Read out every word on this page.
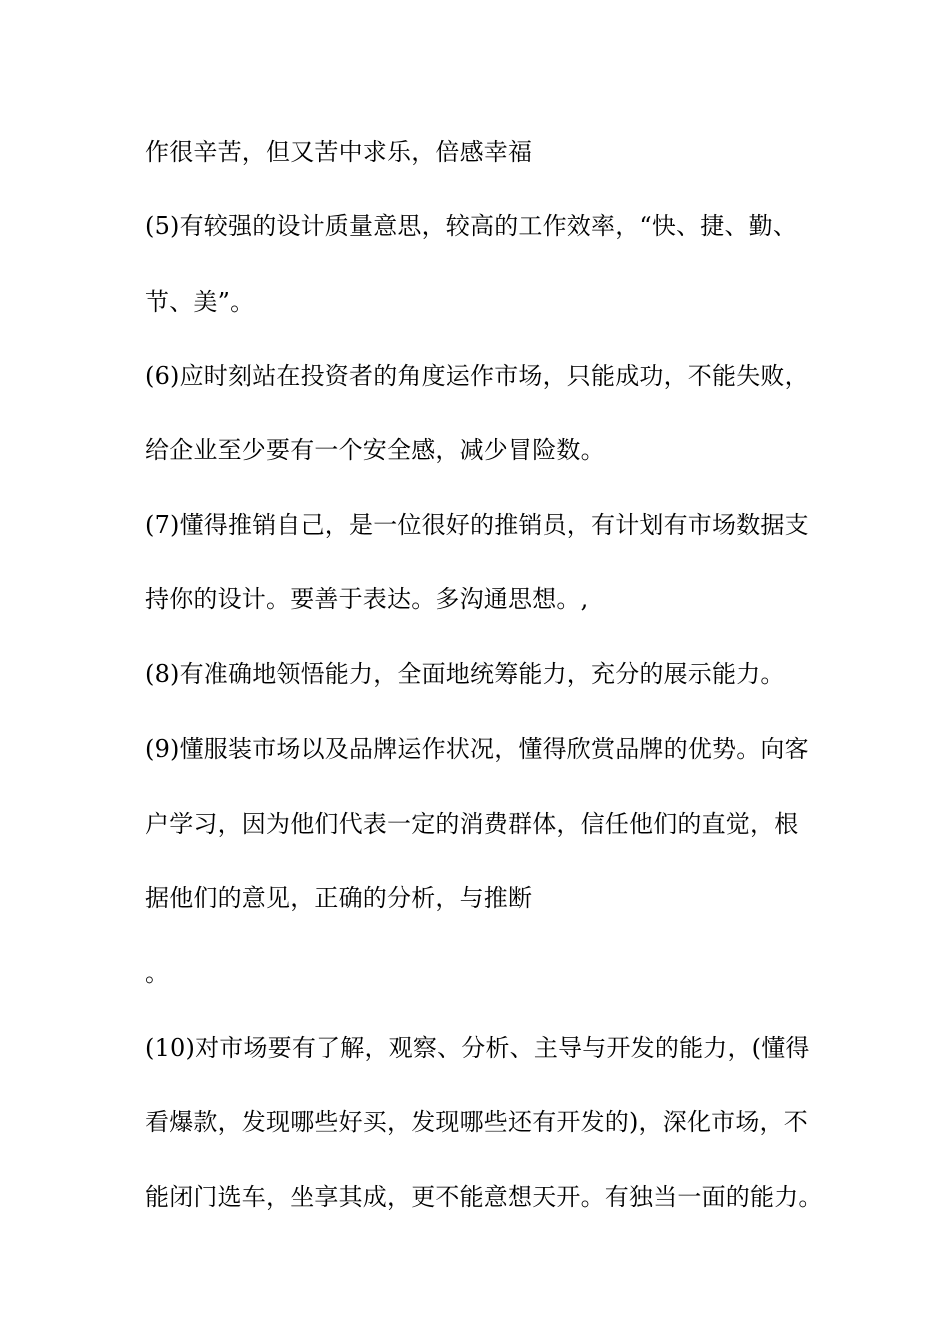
作很辛苦，但又苦中求乐，倍感幸福
(5)有较强的设计质量意思，较高的工作效率，“快、捷、勤、
节、美”。
(6)应时刻站在投资者的角度运作市场，只能成功，不能失败，
给企业至少要有一个安全感，减少冒险数。
(7)懂得推销自己，是一位很好的推销员，有计划有市场数据支
持你的设计。要善于表达。多沟通思想。,
(8)有准确地领悟能力，全面地统筹能力，充分的展示能力。
(9)懂服装市场以及品牌运作状况，懂得欣赏品牌的优势。向客
户学习，因为他们代表一定的消费群体，信任他们的直觉，根
据他们的意见，正确的分析，与推断
。
(10)对市场要有了解，观察、分析、主导与开发的能力，(懂得
看爆款，发现哪些好买，发现哪些还有开发的)，深化市场，不
能闭门选车，坐享其成，更不能意想天开。有独当一面的能力。
